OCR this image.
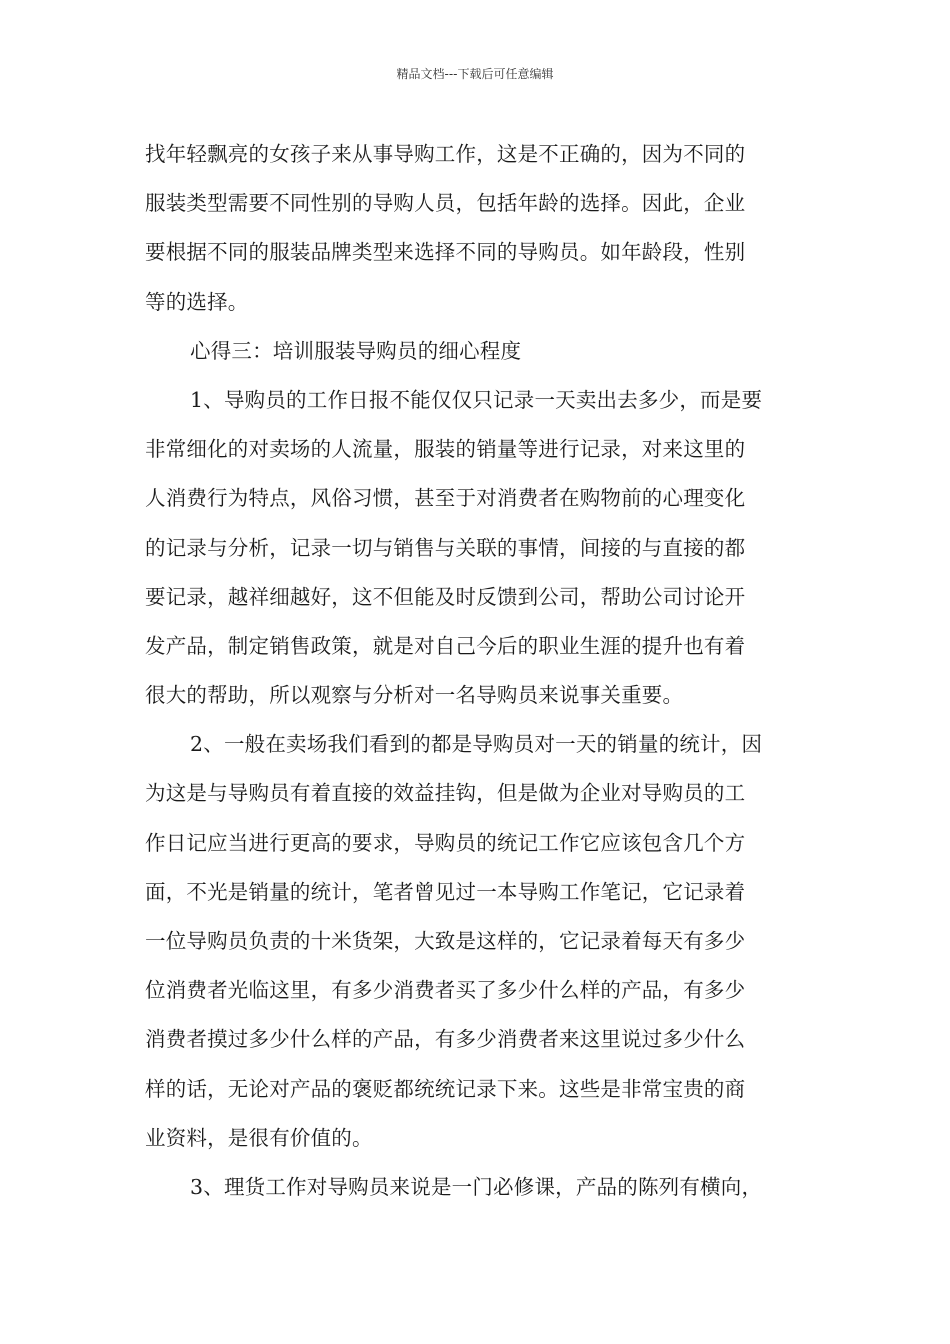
精品文档---下载后可任意编辑
找年轻飘亮的女孩子来从事导购工作，这是不正确的，因为不同的
服装类型需要不同性别的导购人员，包括年龄的选择。因此，企业
要根据不同的服装品牌类型来选择不同的导购员。如年龄段，性别
等的选择。
心得三：培训服装导购员的细心程度
1、导购员的工作日报不能仅仅只记录一天卖出去多少，而是要
非常细化的对卖场的人流量，服装的销量等进行记录，对来这里的
人消费行为特点，风俗习惯，甚至于对消费者在购物前的心理变化
的记录与分析，记录一切与销售与关联的事情，间接的与直接的都
要记录，越祥细越好，这不但能及时反馈到公司，帮助公司讨论开
发产品，制定销售政策，就是对自己今后的职业生涯的提升也有着
很大的帮助，所以观察与分析对一名导购员来说事关重要。
2、一般在卖场我们看到的都是导购员对一天的销量的统计，因
为这是与导购员有着直接的效益挂钩，但是做为企业对导购员的工
作日记应当进行更高的要求，导购员的统记工作它应该包含几个方
面，不光是销量的统计，笔者曾见过一本导购工作笔记，它记录着
一位导购员负责的十米货架，大致是这样的，它记录着每天有多少
位消费者光临这里，有多少消费者买了多少什么样的产品，有多少
消费者摸过多少什么样的产品，有多少消费者来这里说过多少什么
样的话，无论对产品的褒贬都统统记录下来。这些是非常宝贵的商
业资料，是很有价值的。
3、理货工作对导购员来说是一门必修课，产品的陈列有横向，
